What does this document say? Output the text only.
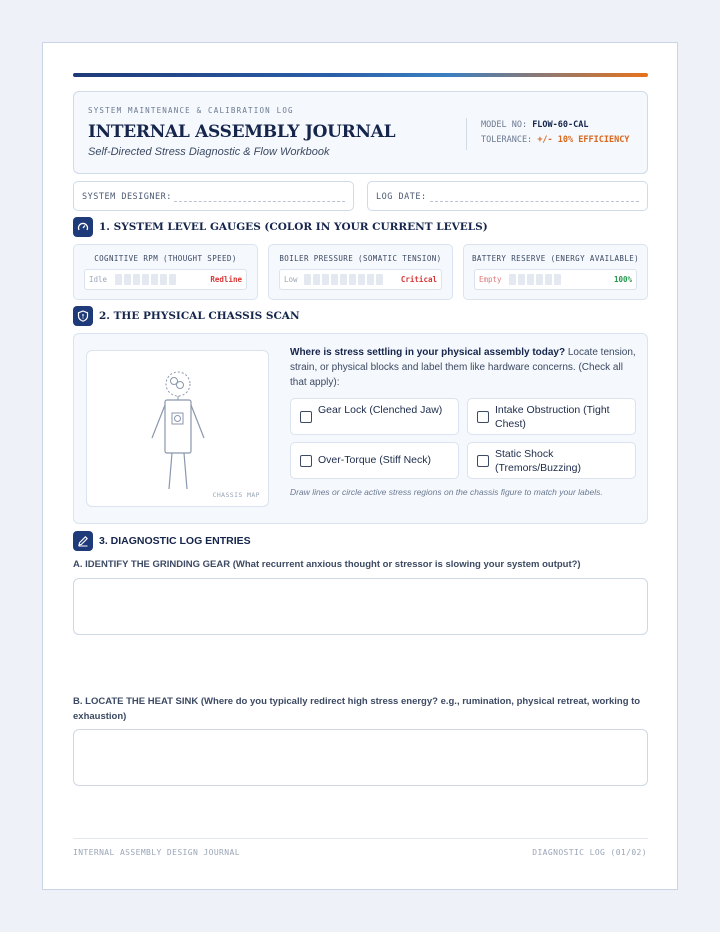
SYSTEM MAINTENANCE & CALIBRATION LOG
INTERNAL ASSEMBLY JOURNAL
Self-Directed Stress Diagnostic & Flow Workbook
MODEL NO: FLOW-60-CAL
TOLERANCE: +/- 10% EFFICIENCY
SYSTEM DESIGNER:	LOG DATE:
1. SYSTEM LEVEL GAUGES (COLOR IN YOUR CURRENT LEVELS)
COGNITIVE RPM (THOUGHT SPEED)
Idle	Redline
BOILER PRESSURE (SOMATIC TENSION)
Low	Critical
BATTERY RESERVE (ENERGY AVAILABLE)
Empty	100%
2. THE PHYSICAL CHASSIS SCAN
CHASSIS MAP
Where is stress settling in your physical assembly today? Locate tension, strain, or physical blocks and label them like hardware concerns. (Check all that apply):
Gear Lock (Clenched Jaw)	Intake Obstruction (Tight Chest)
Over-Torque (Stiff Neck)	Static Shock (Tremors/Buzzing)
Draw lines or circle active stress regions on the chassis figure to match your labels.
3. DIAGNOSTIC LOG ENTRIES
A. IDENTIFY THE GRINDING GEAR (What recurrent anxious thought or stressor is slowing your system output?)
B. LOCATE THE HEAT SINK (Where do you typically redirect high stress energy? e.g., rumination, physical retreat, working to exhaustion)
INTERNAL ASSEMBLY DESIGN JOURNAL	DIAGNOSTIC LOG (01/02)
